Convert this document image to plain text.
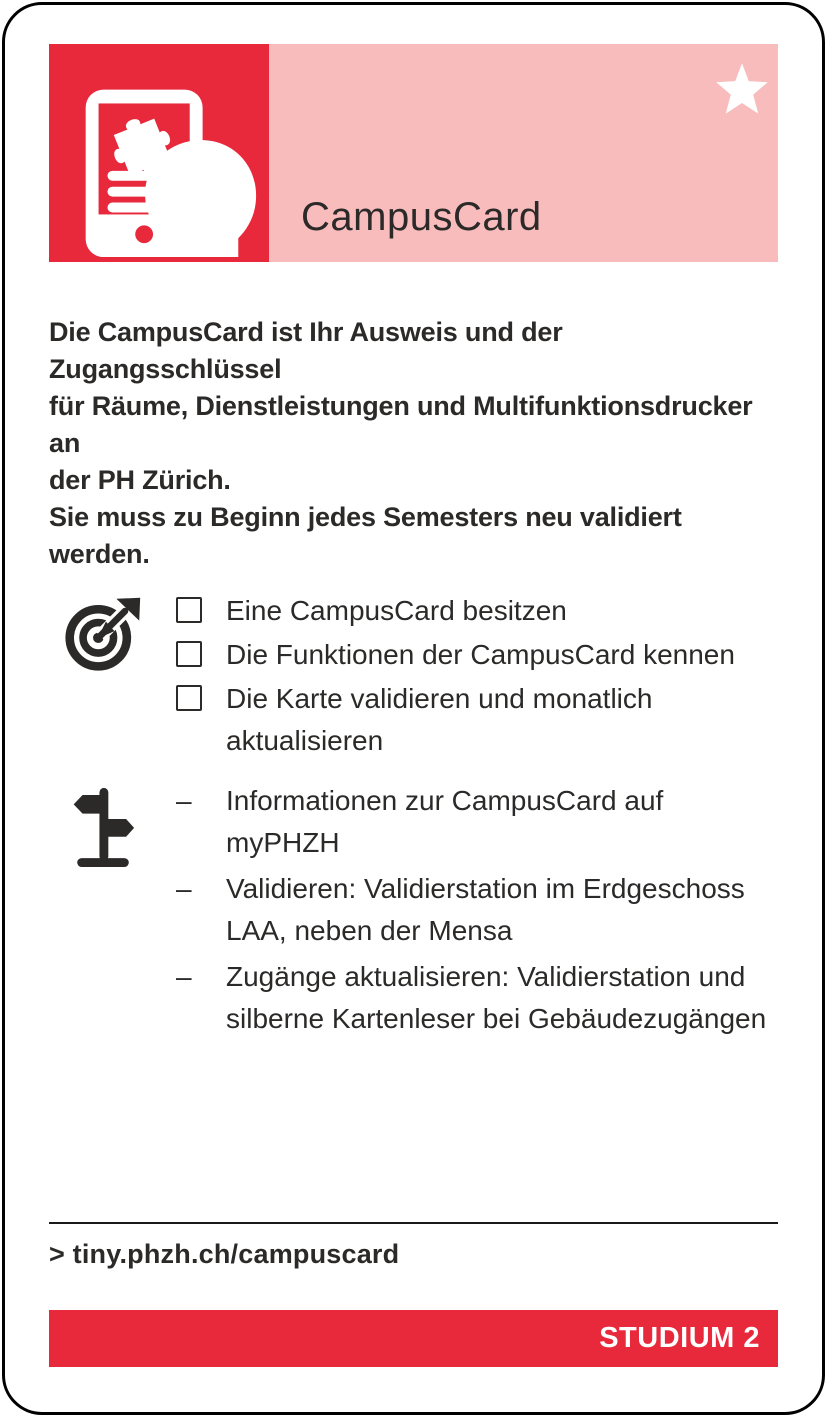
CampusCard
Die CampusCard ist Ihr Ausweis und der Zugangsschlüssel
für Räume, Dienstleistungen und Multifunktionsdrucker an
der PH Zürich.
Sie muss zu Beginn jedes Semesters neu validiert werden.
Eine CampusCard besitzen
Die Funktionen der CampusCard kennen
Die Karte validieren und monatlich
aktualisieren
–	Informationen zur CampusCard auf
myPHZH
–	Validieren: Validierstation im Erdgeschoss
LAA, neben der Mensa
–	Zugänge aktualisieren: Validierstation und
silberne Kartenleser bei Gebäudezugängen
> tiny.phzh.ch/campuscard
STUDIUM 2
